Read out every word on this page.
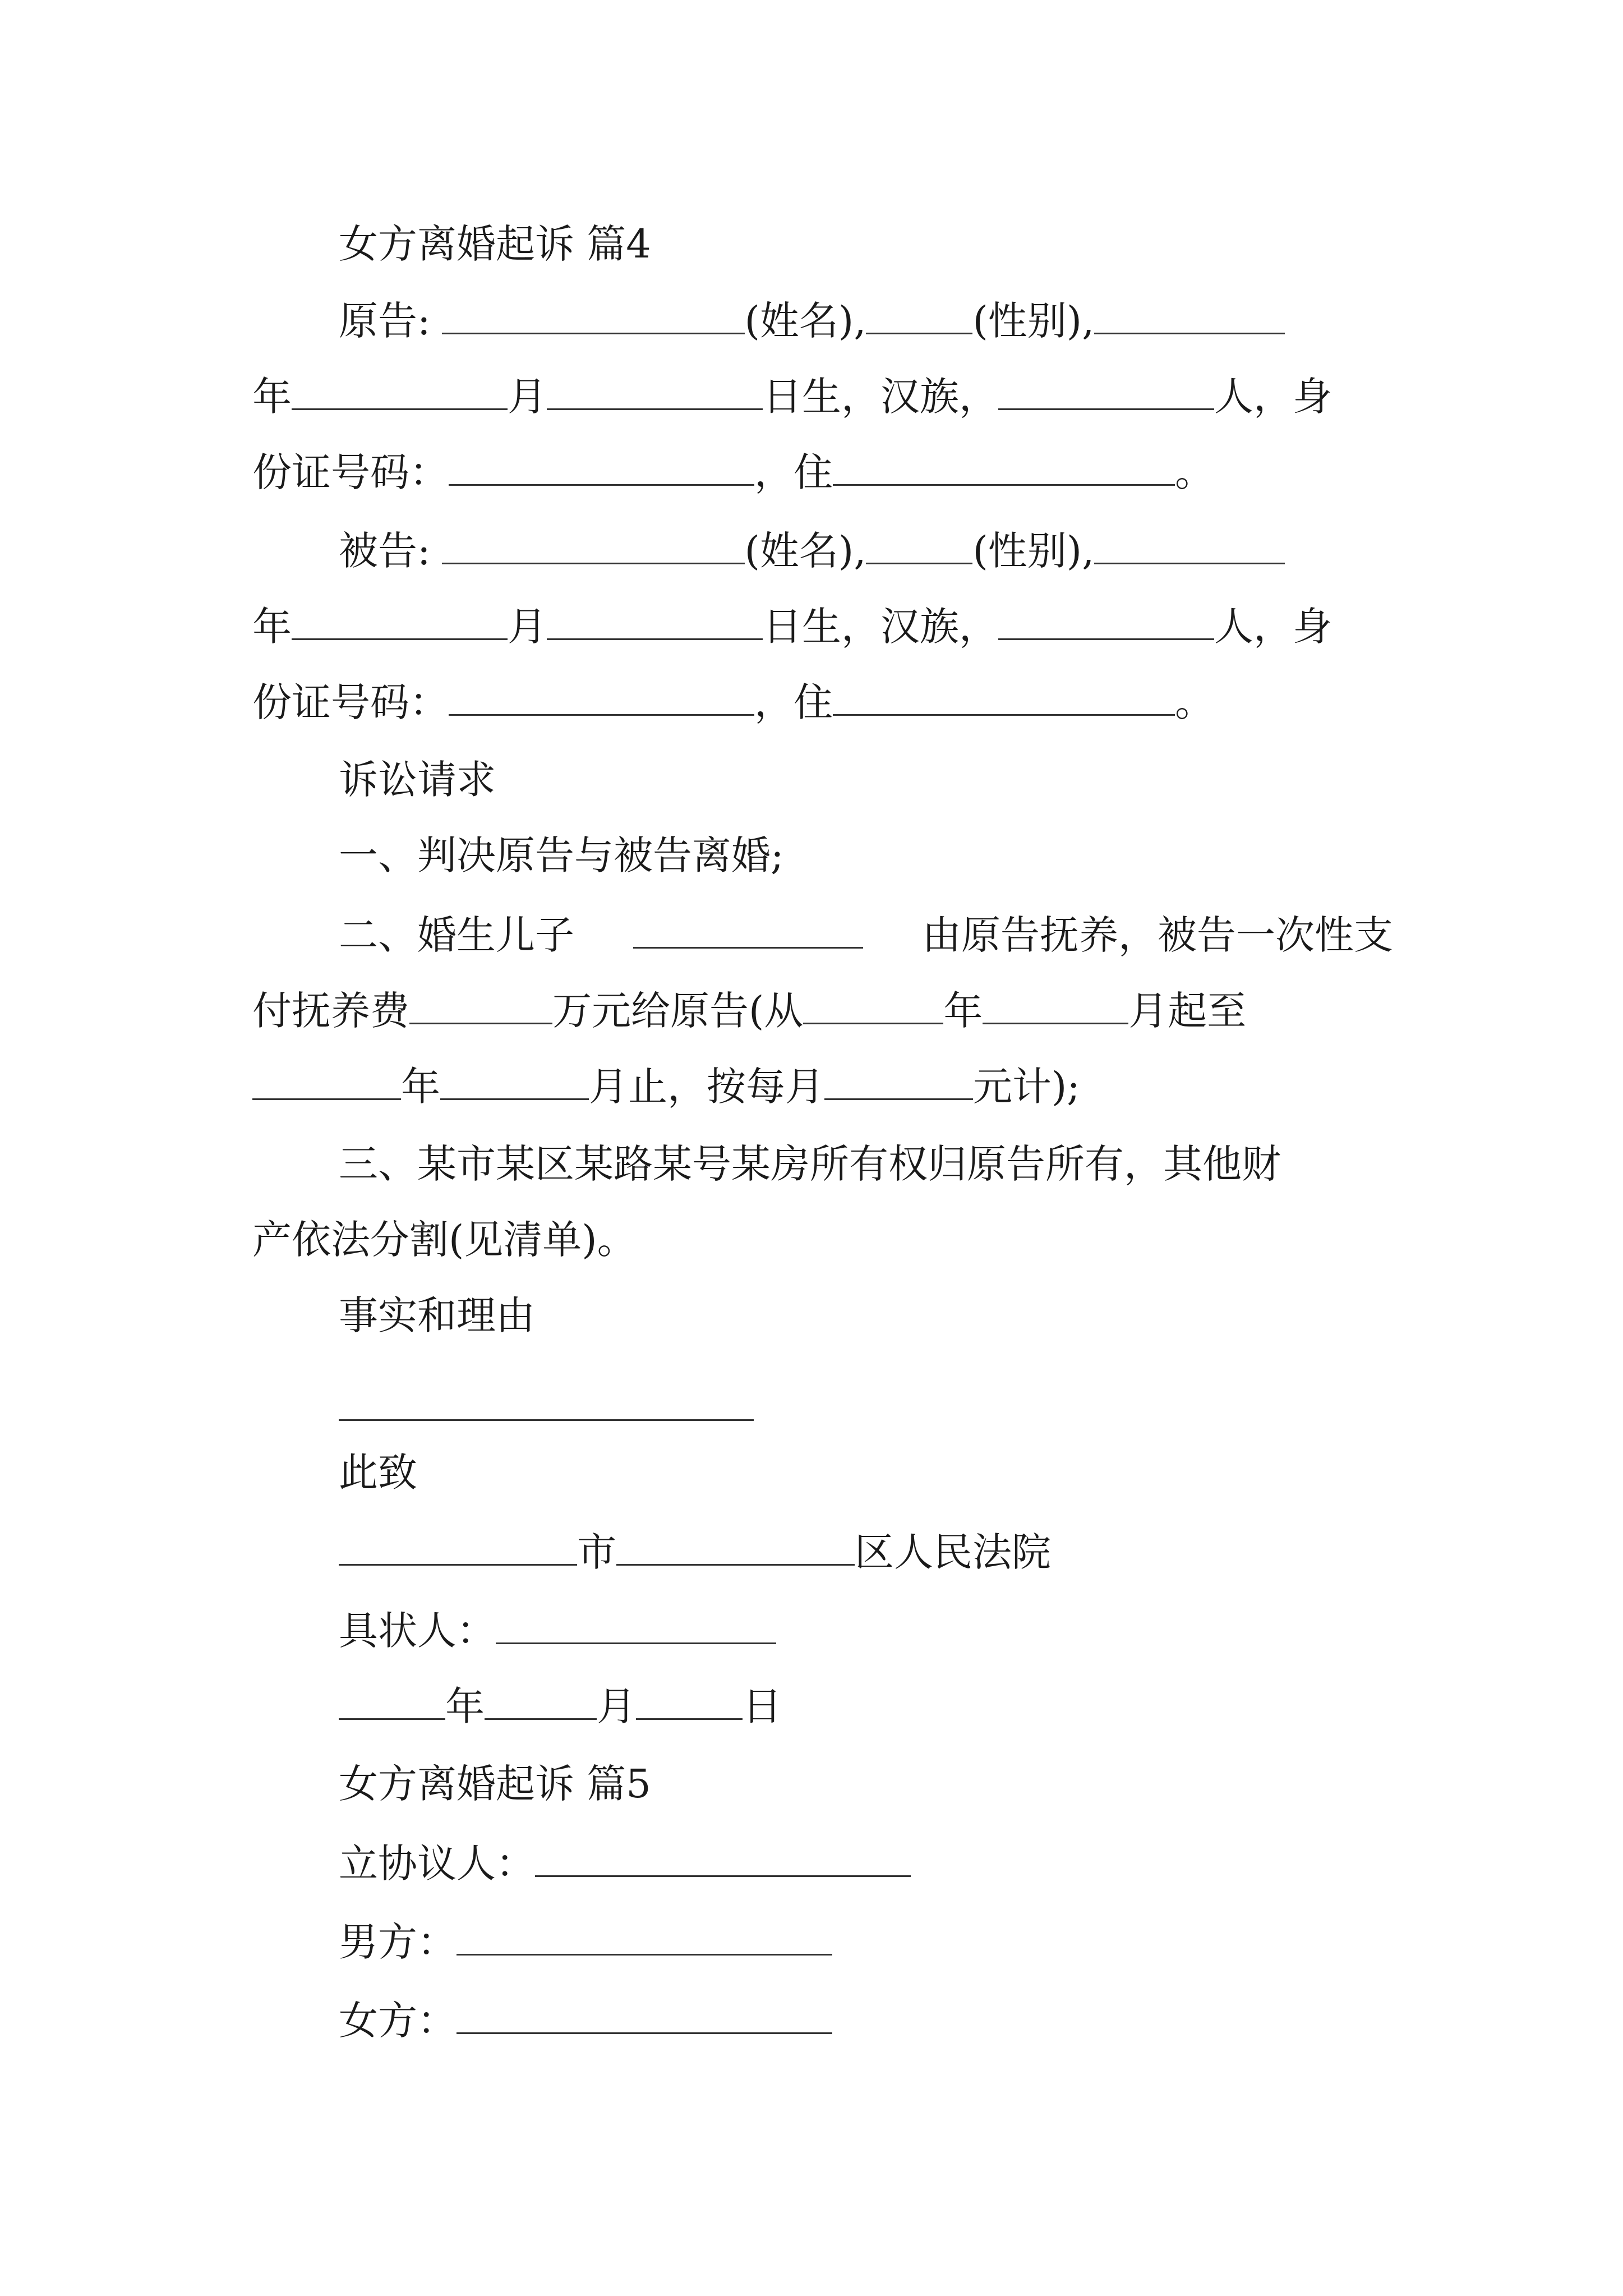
女方离婚起诉 篇4
原告:	(姓名),	(性别),
年	月	日生，汉族，	人，身
份证号码：	，住	。
被告:	(姓名),	(性别),
年	月	日生，汉族，	人，身
份证号码：	，住	。
诉讼请求
一、判决原告与被告离婚;
二、婚生儿子	由原告抚养，被告一次性支
付抚养费	万元给原告(从	年	月起至
年	月止，按每月	元计);
三、某市某区某路某号某房所有权归原告所有，其他财
产依法分割(见清单)。
事实和理由
此致
市	区人民法院
具状人：
年	月	日
女方离婚起诉 篇5
立协议人：
男方：
女方：
